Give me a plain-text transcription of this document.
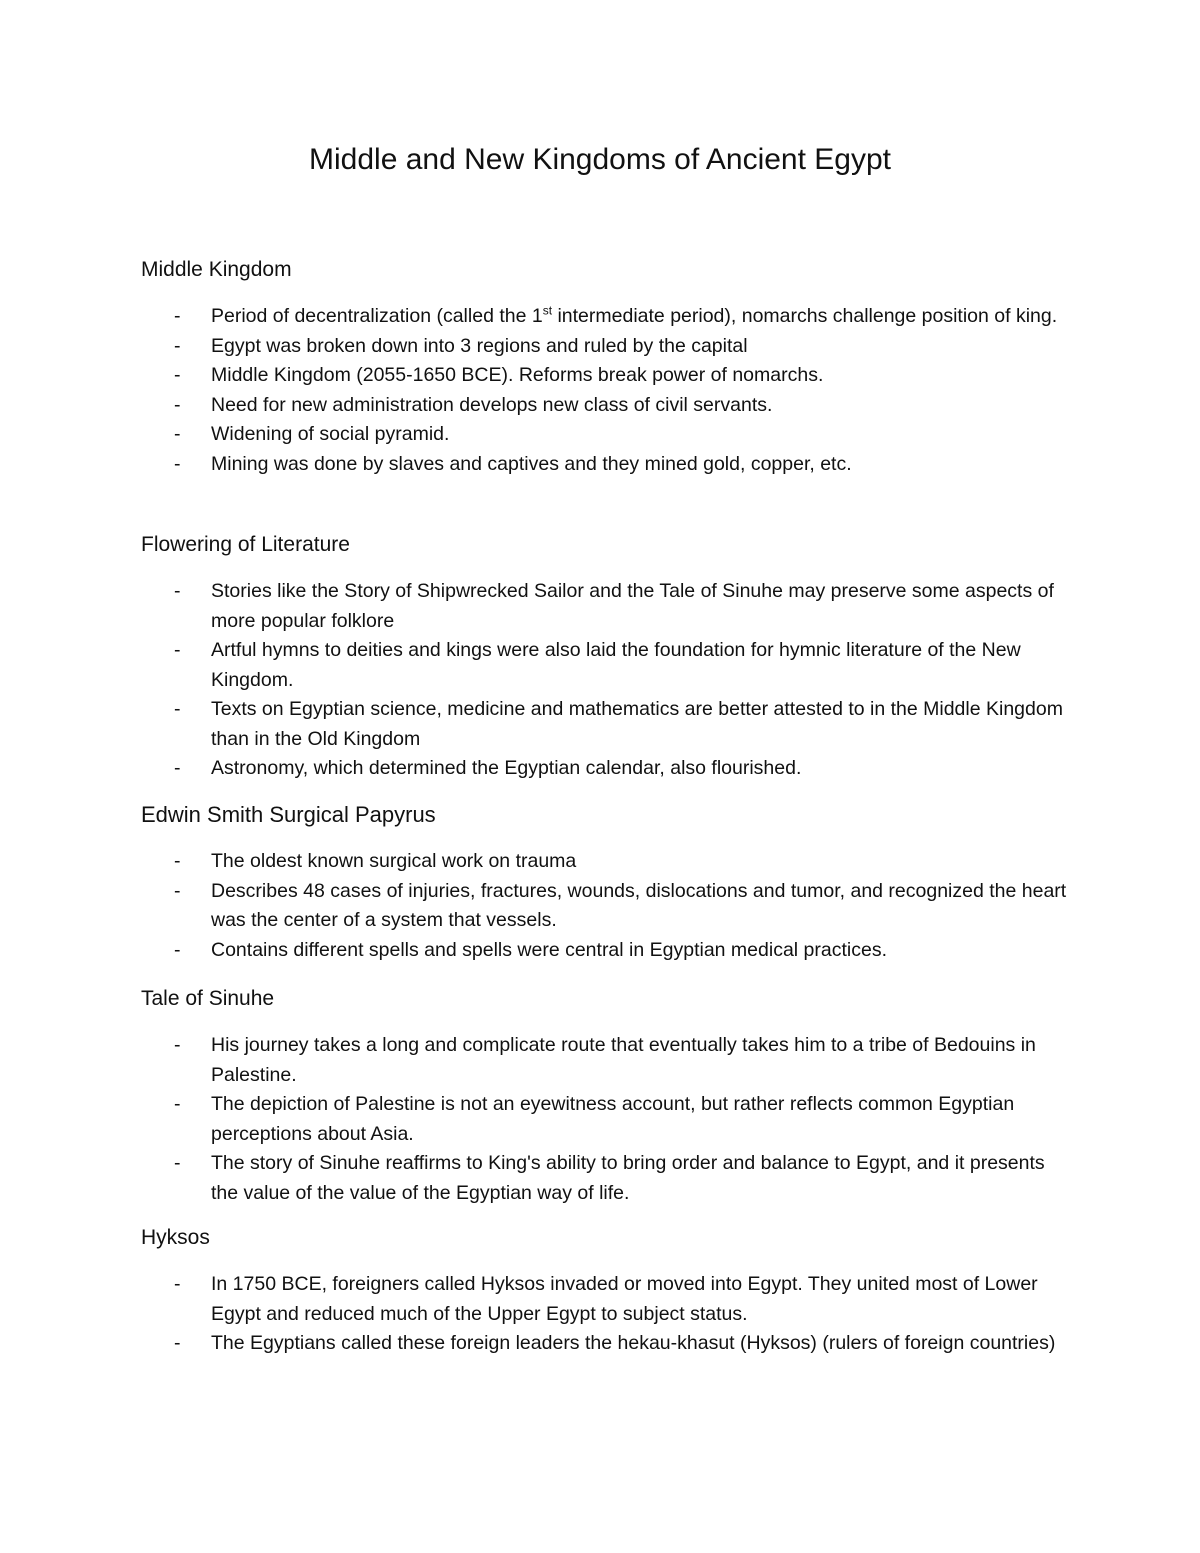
Middle and New Kingdoms of Ancient Egypt
Middle Kingdom
- Period of decentralization (called the 1st intermediate period), nomarchs challenge position of king.
- Egypt was broken down into 3 regions and ruled by the capital
- Middle Kingdom (2055-1650 BCE). Reforms break power of nomarchs.
- Need for new administration develops new class of civil servants.
- Widening of social pyramid.
- Mining was done by slaves and captives and they mined gold, copper, etc.
Flowering of Literature
- Stories like the Story of Shipwrecked Sailor and the Tale of Sinuhe may preserve some aspects of more popular folklore
- Artful hymns to deities and kings were also laid the foundation for hymnic literature of the New Kingdom.
- Texts on Egyptian science, medicine and mathematics are better attested to in the Middle Kingdom than in the Old Kingdom
- Astronomy, which determined the Egyptian calendar, also flourished.
Edwin Smith Surgical Papyrus
- The oldest known surgical work on trauma
- Describes 48 cases of injuries, fractures, wounds, dislocations and tumor, and recognized the heart was the center of a system that vessels.
- Contains different spells and spells were central in Egyptian medical practices.
Tale of Sinuhe
- His journey takes a long and complicate route that eventually takes him to a tribe of Bedouins in Palestine.
- The depiction of Palestine is not an eyewitness account, but rather reflects common Egyptian perceptions about Asia.
- The story of Sinuhe reaffirms to King's ability to bring order and balance to Egypt, and it presents the value of the value of the Egyptian way of life.
Hyksos
- In 1750 BCE, foreigners called Hyksos invaded or moved into Egypt. They united most of Lower Egypt and reduced much of the Upper Egypt to subject status.
- The Egyptians called these foreign leaders the hekau-khasut (Hyksos) (rulers of foreign countries)
